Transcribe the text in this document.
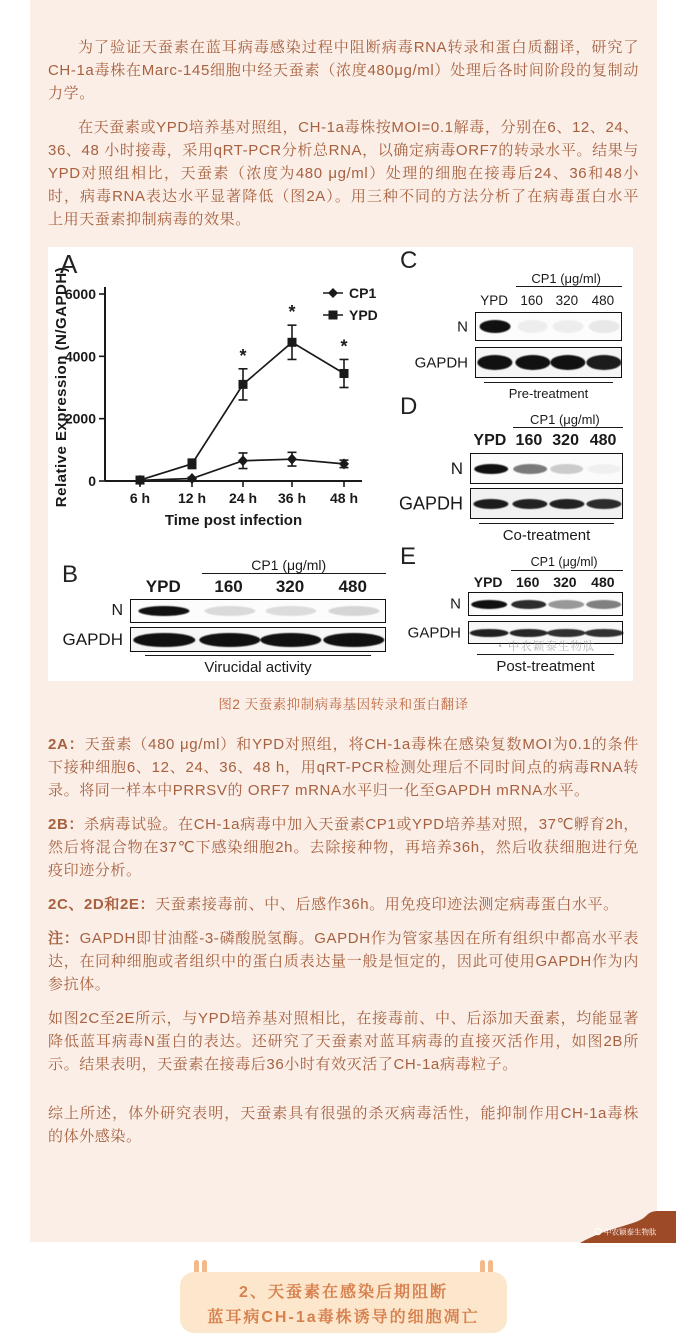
为了验证天蚕素在蓝耳病毒感染过程中阻断病毒RNA转录和蛋白质翻译，研究了CH-1a毒株在Marc-145细胞中经天蚕素（浓度480μg/ml）处理后各时间阶段的复制动力学。

在天蚕素或YPD培养基对照组，CH-1a毒株按MOI=0.1解毒，分别在6、12、24、36、48 小时接毒，采用qRT-PCR分析总RNA，以确定病毒ORF7的转录水平。结果与YPD对照组相比，天蚕素（浓度为480 μg/ml）处理的细胞在接毒后24、36和48小时，病毒RNA表达水平显著降低（图2A）。用三种不同的方法分析了在病毒蛋白水平上用天蚕素抑制病毒的效果。

0
2000
4000
6000
6 h 12 h 24 h 36 h 48 h
*
*
*
CP1
YPD
Relative Expression (N/GAPDH)
Time post infection
A
B	CP1 (μg/ml)
YPD 160 320 480
N
GAPDH
Virucidal activity
C
CP1 (μg/ml)
YPD 160 320 480
N
GAPDH
Pre-treatment
D	CP1 (μg/ml)
YPD 160 320 480
N
GAPDH
Co-treatment
E	CP1 (μg/ml)
YPD 160 320 480
N
GAPDH
◔ 中农颖泰生物肽
Post-treatment

图2 天蚕素抑制病毒基因转录和蛋白翻译

2A：天蚕素（480 μg/ml）和YPD对照组，将CH-1a毒株在感染复数MOI为0.1的条件下接种细胞6、12、24、36、48 h，用qRT-PCR检测处理后不同时间点的病毒RNA转录。将同一样本中PRRSV的 ORF7 mRNA水平归一化至GAPDH mRNA水平。

2B：杀病毒试验。在CH-1a病毒中加入天蚕素CP1或YPD培养基对照，37℃孵育2h，然后将混合物在37℃下感染细胞2h。去除接种物，再培养36h，然后收获细胞进行免疫印迹分析。

2C、2D和2E：天蚕素接毒前、中、后感作36h。用免疫印迹法测定病毒蛋白水平。

注：GAPDH即甘油醛-3-磷酸脱氢酶。GAPDH作为管家基因在所有组织中都高水平表达，在同种细胞或者组织中的蛋白质表达量一般是恒定的，因此可使用GAPDH作为内参抗体。

如图2C至2E所示，与YPD培养基对照相比，在接毒前、中、后添加天蚕素，均能显著降低蓝耳病毒N蛋白的表达。还研究了天蚕素对蓝耳病毒的直接灭活作用，如图2B所示。结果表明，天蚕素在接毒后36小时有效灭活了CH-1a病毒粒子。

综上所述，体外研究表明，天蚕素具有很强的杀灭病毒活性，能抑制作用CH-1a毒株的体外感染。

中农颖泰生物肽
2、天蚕素在感染后期阻断
蓝耳病CH-1a毒株诱导的细胞凋亡
